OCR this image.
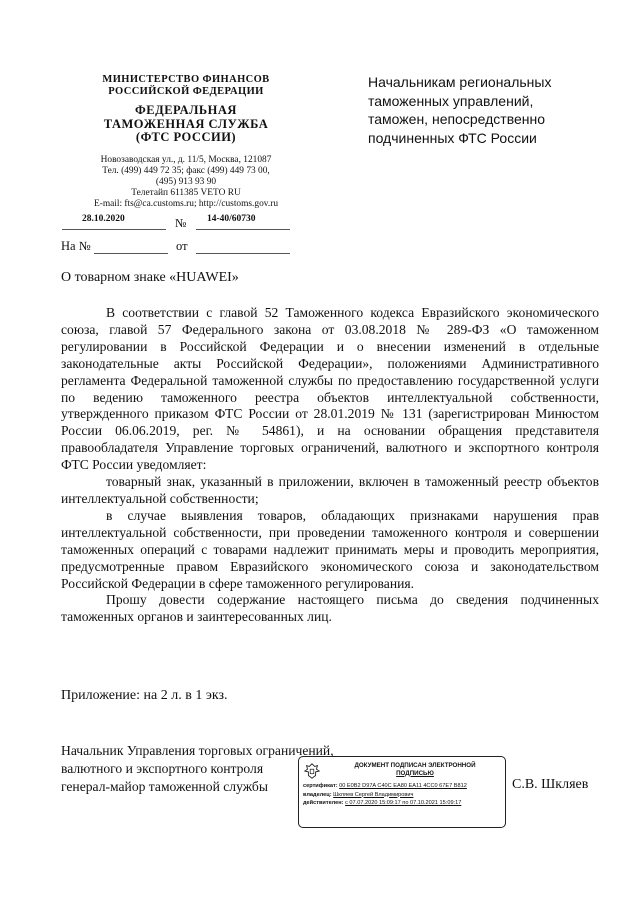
МИНИСТЕРСТВО ФИНАНСОВ
РОССИЙСКОЙ ФЕДЕРАЦИИ
ФЕДЕРАЛЬНАЯ
ТАМОЖЕННАЯ СЛУЖБА
(ФТС РОССИИ)
Новозаводская ул., д. 11/5, Москва, 121087
Тел. (499) 449 72 35; факс (499) 449 73 00,
(495) 913 93 90
Телетайп 611385 VETO RU
E-mail: fts@ca.customs.ru; http://customs.gov.ru
28.10.2020	№ 14-40/60730
На №	от
Начальникам региональных
таможенных управлений,
таможен, непосредственно
подчиненных ФТС России
О товарном знаке «HUAWEI»

В соответствии с главой 52 Таможенного кодекса Евразийского экономического союза, главой 57 Федерального закона от 03.08.2018 № 289-ФЗ «О таможенном регулировании в Российской Федерации и о внесении изменений в отдельные законодательные акты Российской Федерации», положениями Административного регламента Федеральной таможенной службы по предоставлению государственной услуги по ведению таможенного реестра объектов интеллектуальной собственности, утвержденного приказом ФТС России от 28.01.2019 № 131 (зарегистрирован Минюстом России 06.06.2019, рег. № 54861), и на основании обращения представителя правообладателя Управление торговых ограничений, валютного и экспортного контроля ФТС России уведомляет:

товарный знак, указанный в приложении, включен в таможенный реестр объектов интеллектуальной собственности;

в случае выявления товаров, обладающих признаками нарушения прав интеллектуальной собственности, при проведении таможенного контроля и совершении таможенных операций с товарами надлежит принимать меры и проводить мероприятия, предусмотренные правом Евразийского экономического союза и законодательством Российской Федерации в сфере таможенного регулирования.

Прошу довести содержание настоящего письма до сведения подчиненных таможенных органов и заинтересованных лиц.

Приложение: на 2 л. в 1 экз.
Начальник Управления торговых ограничений,
валютного и экспортного контроля
генерал-майор таможенной службы	С.В. Шкляев
ДОКУМЕНТ ПОДПИСАН ЭЛЕКТРОННОЙ
ПОДПИСЬЮ
сертификат: 00 E0B2 D97A C40C EA80 EA11 4CC0 67E7 B812
владелец: Шкляев Сергей Владимирович
действителен: с 07.07.2020 15:09:17 по 07.10.2021 15:09:17
